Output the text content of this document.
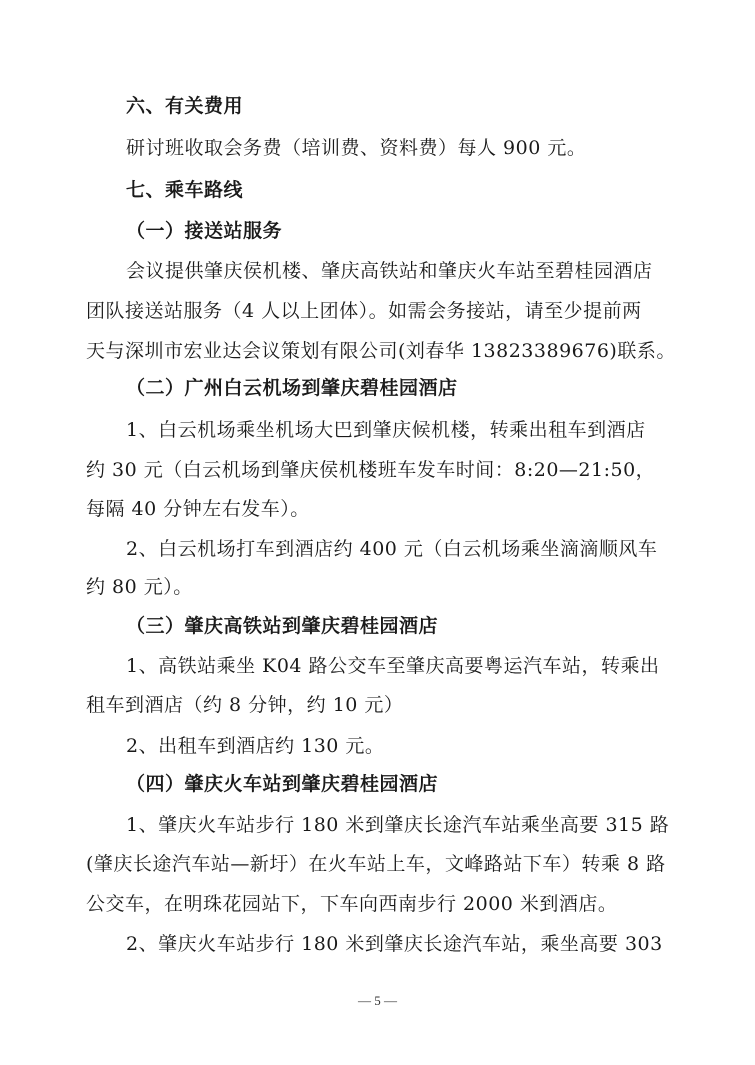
六、有关费用
研讨班收取会务费（培训费、资料费）每人 900 元。
七、乘车路线
（一）接送站服务
会议提供肇庆侯机楼、肇庆高铁站和肇庆火车站至碧桂园酒店
团队接送站服务（4 人以上团体）。如需会务接站，请至少提前两
天与深圳市宏业达会议策划有限公司(刘春华 13823389676)联系。
（二）广州白云机场到肇庆碧桂园酒店
1、白云机场乘坐机场大巴到肇庆候机楼，转乘出租车到酒店
约 30 元（白云机场到肇庆侯机楼班车发车时间：8:20—21:50，
每隔 40 分钟左右发车）。
2、白云机场打车到酒店约 400 元（白云机场乘坐滴滴顺风车
约 80 元）。
（三）肇庆高铁站到肇庆碧桂园酒店
1、高铁站乘坐 K04 路公交车至肇庆高要粤运汽车站，转乘出
租车到酒店（约 8 分钟，约 10 元）
2、出租车到酒店约 130 元。
（四）肇庆火车站到肇庆碧桂园酒店
1、肇庆火车站步行 180 米到肇庆长途汽车站乘坐高要 315 路
(肇庆长途汽车站—新圩）在火车站上车，文峰路站下车）转乘 8 路
公交车，在明珠花园站下，下车向西南步行 2000 米到酒店。
2、肇庆火车站步行 180 米到肇庆长途汽车站，乘坐高要 303
— 5 —
